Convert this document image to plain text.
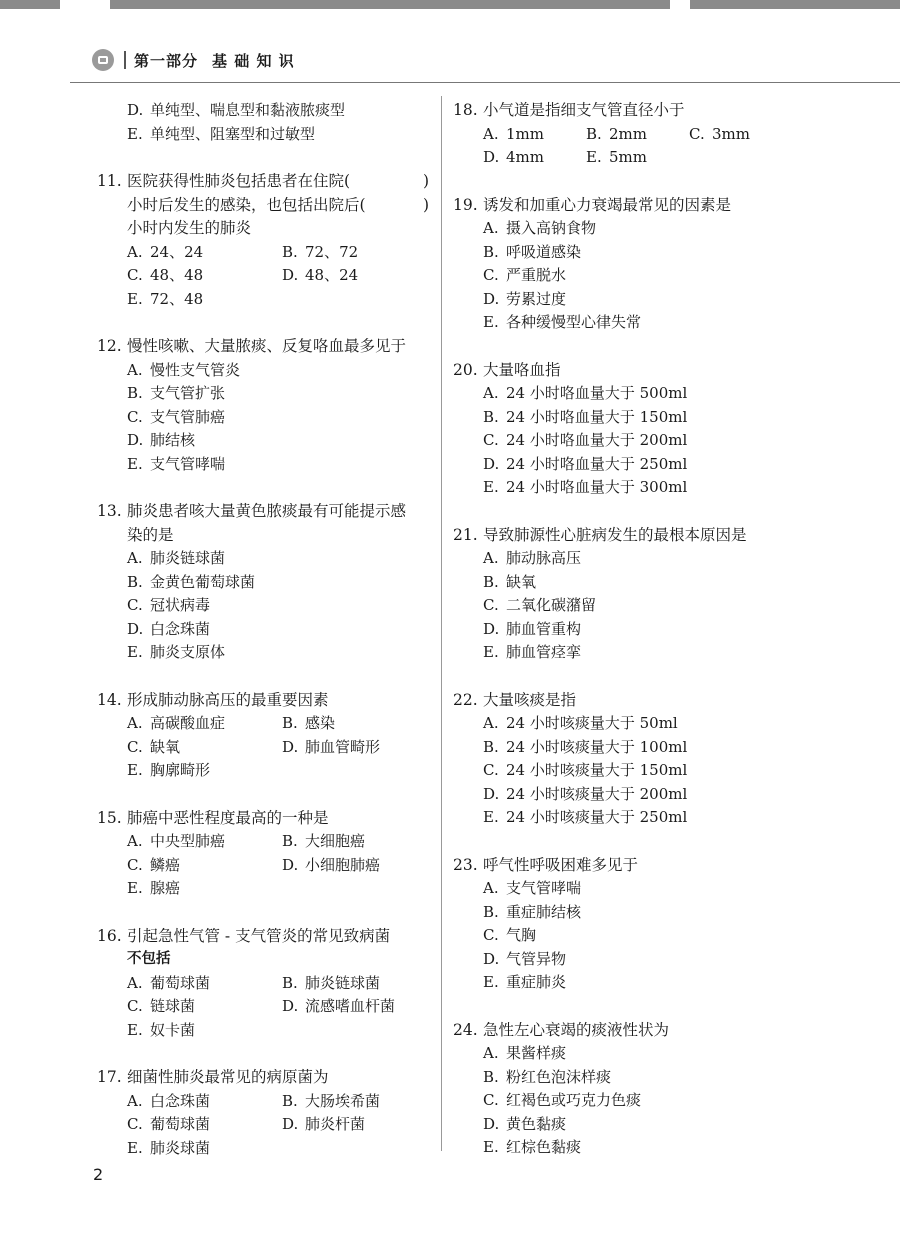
第一部分 基 础 知 识
D. 单纯型、喘息型和黏液脓痰型
E. 单纯型、阻塞型和过敏型
11. 医院获得性肺炎包括患者在住院(	)
小时后发生的感染，也包括出院后(	)
小时内发生的肺炎
A. 24、24	B. 72、72
C. 48、48	D. 48、24
E. 72、48
12. 慢性咳嗽、大量脓痰、反复咯血最多见于
A. 慢性支气管炎
B. 支气管扩张
C. 支气管肺癌
D. 肺结核
E. 支气管哮喘
13. 肺炎患者咳大量黄色脓痰最有可能提示感
染的是
A. 肺炎链球菌
B. 金黄色葡萄球菌
C. 冠状病毒
D. 白念珠菌
E. 肺炎支原体
14. 形成肺动脉高压的最重要因素
A. 高碳酸血症	B. 感染
C. 缺氧	D. 肺血管畸形
E. 胸廓畸形
15. 肺癌中恶性程度最高的一种是
A. 中央型肺癌	B. 大细胞癌
C. 鳞癌	D. 小细胞肺癌
E. 腺癌
16. 引起急性气管 - 支气管炎的常见致病菌
不包括
A. 葡萄球菌	B. 肺炎链球菌
C. 链球菌	D. 流感嗜血杆菌
E. 奴卡菌
17. 细菌性肺炎最常见的病原菌为
A. 白念珠菌	B. 大肠埃希菌
C. 葡萄球菌	D. 肺炎杆菌
E. 肺炎球菌
18. 小气道是指细支气管直径小于
A. 1mm	B. 2mm	C. 3mm
D. 4mm	E. 5mm
19. 诱发和加重心力衰竭最常见的因素是
A. 摄入高钠食物
B. 呼吸道感染
C. 严重脱水
D. 劳累过度
E. 各种缓慢型心律失常
20. 大量咯血指
A. 24 小时咯血量大于 500ml
B. 24 小时咯血量大于 150ml
C. 24 小时咯血量大于 200ml
D. 24 小时咯血量大于 250ml
E. 24 小时咯血量大于 300ml
21. 导致肺源性心脏病发生的最根本原因是
A. 肺动脉高压
B. 缺氧
C. 二氧化碳潴留
D. 肺血管重构
E. 肺血管痉挛
22. 大量咳痰是指
A. 24 小时咳痰量大于 50ml
B. 24 小时咳痰量大于 100ml
C. 24 小时咳痰量大于 150ml
D. 24 小时咳痰量大于 200ml
E. 24 小时咳痰量大于 250ml
23. 呼气性呼吸困难多见于
A. 支气管哮喘
B. 重症肺结核
C. 气胸
D. 气管异物
E. 重症肺炎
24. 急性左心衰竭的痰液性状为
A. 果酱样痰
B. 粉红色泡沫样痰
C. 红褐色或巧克力色痰
D. 黄色黏痰
E. 红棕色黏痰
2
